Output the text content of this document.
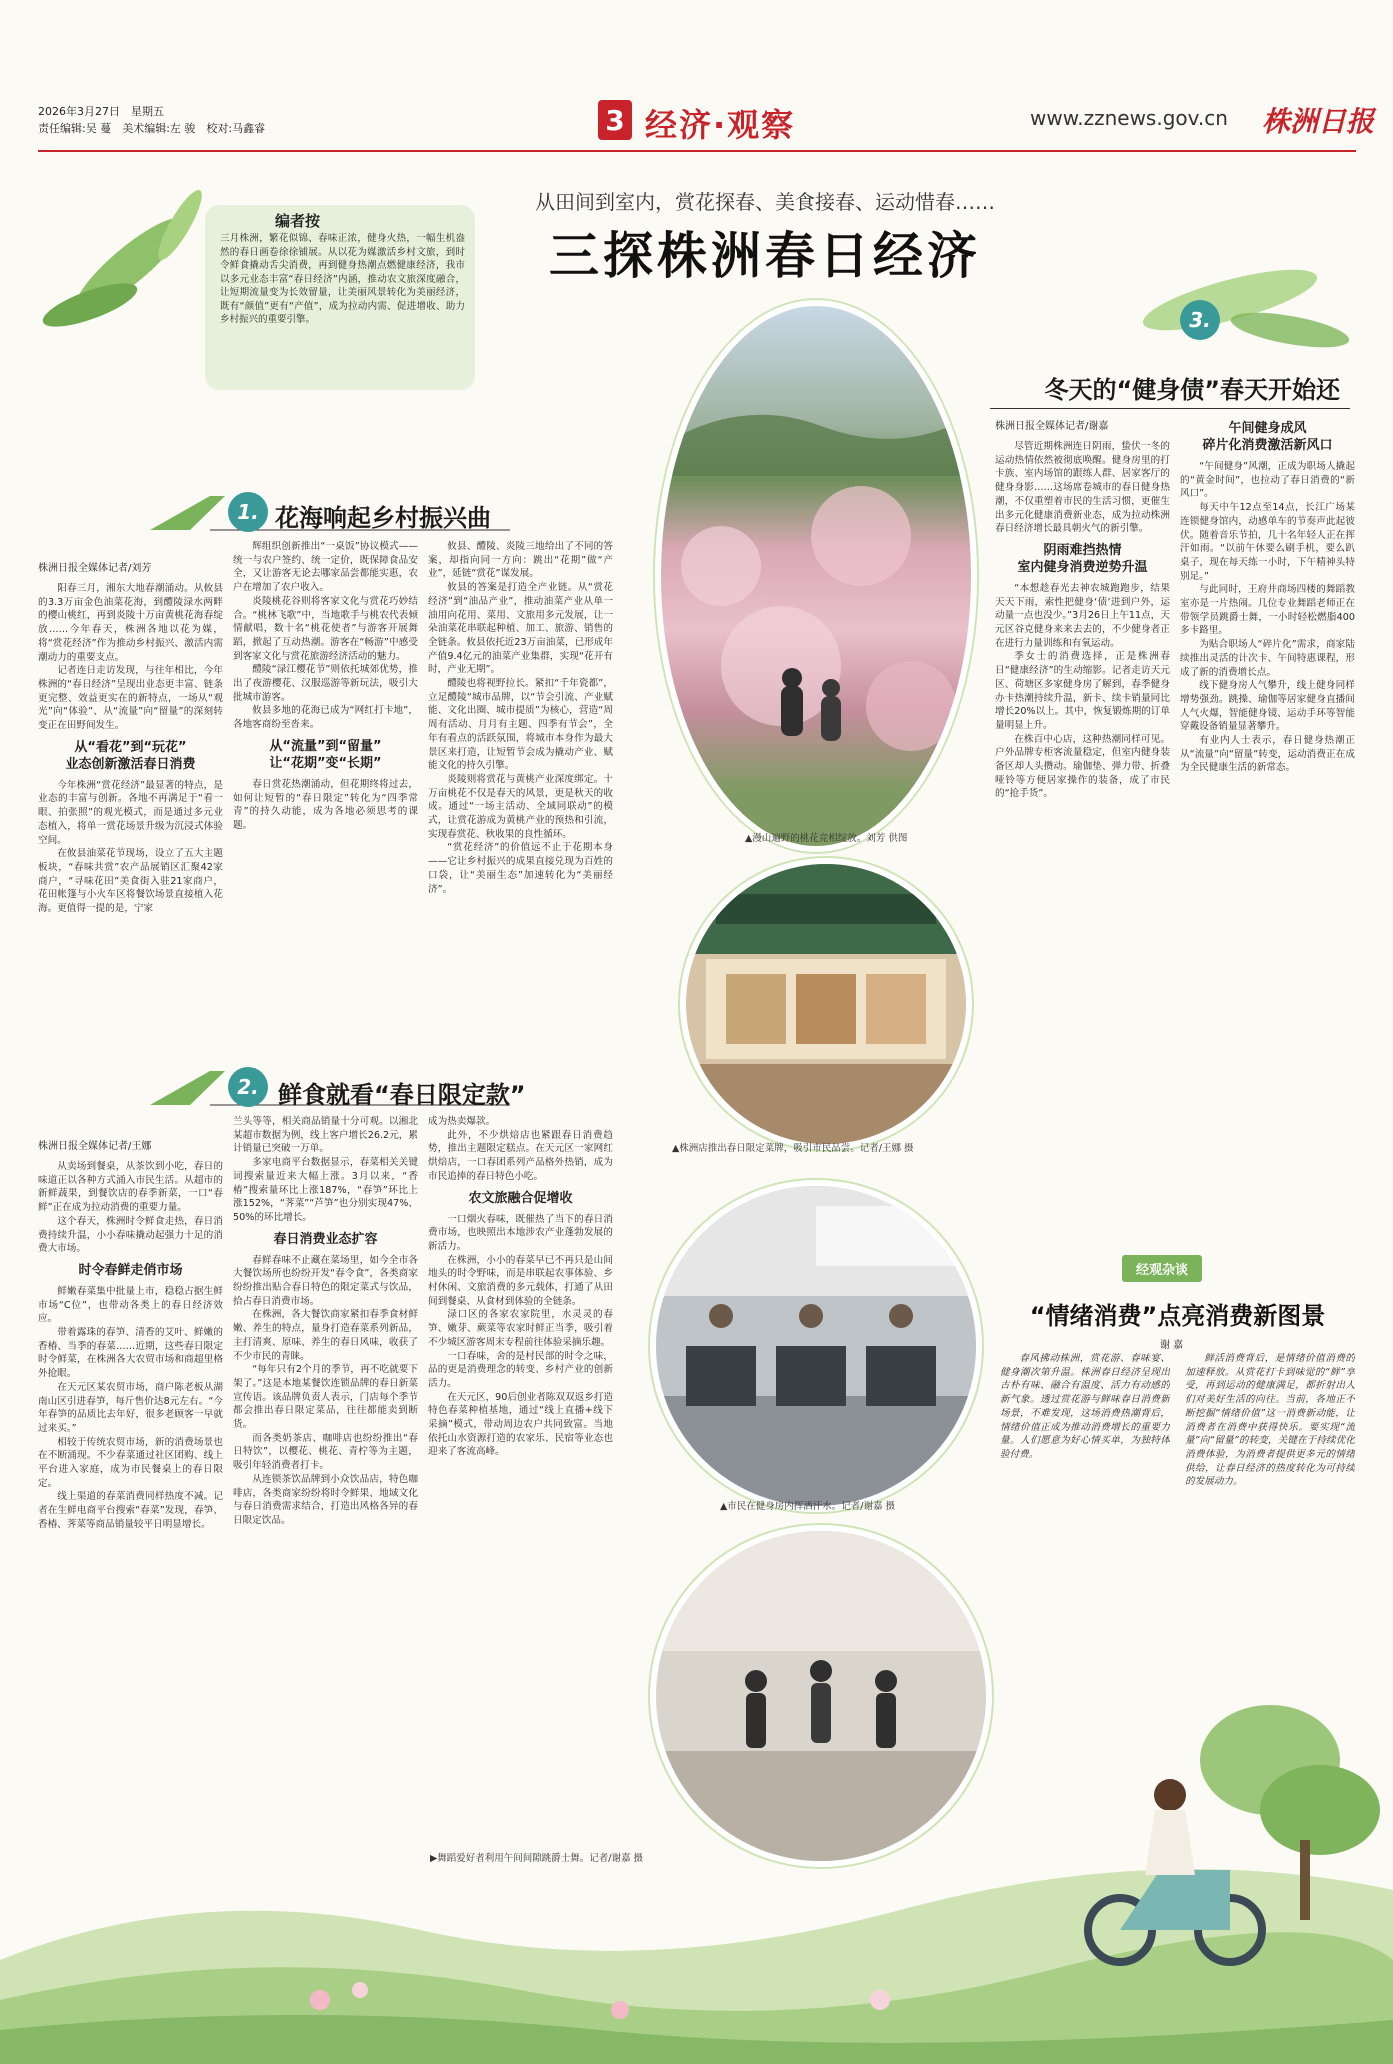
2026年3月27日　星期五
责任编辑:吴 蔓　美术编辑:左 骏　校对:马鑫睿	3 经济·观察	www.zznews.gov.cn 株洲日报
从田间到室内，赏花探春、美食接春、运动惜春……
三探株洲春日经济
编者按
三月株洲，繁花似锦、春味正浓，健身火热，一幅生机盎然的春日画卷徐徐铺展。从以花为媒激活乡村文旅，到时令鲜食撬动舌尖消费，再到健身热潮点燃健康经济，我市以多元业态丰富“春日经济”内涵，推动农文旅深度融合，让短期流量变为长效留量，让美丽风景转化为美丽经济，既有“颜值”更有“产值”，成为拉动内需、促进增收、助力乡村振兴的重要引擎。
1. 花海响起乡村振兴曲
株洲日报全媒体记者/刘芳
阳春三月，湘东大地春潮涌动。从攸县的3.3万亩金色油菜花海，到醴陵渌水两畔的樱山桃红，再到炎陵十万亩黄桃花海春绽放……今年春天，株洲各地以花为媒，将“赏花经济”作为推动乡村振兴、激活内需潮动力的重要支点。
记者连日走访发现，与往年相比，今年株洲的“春日经济”呈现出业态更丰富、链条更完整、效益更实在的新特点，一场从“观光”向“体验”、从“流量”向“留量”的深刻转变正在田野间发生。
从“看花”到“玩花”
业态创新激活春日消费
今年株洲“赏花经济”最显著的特点，是业态的丰富与创新。各地不再满足于“看一眼、拍张照”的观光模式，而是通过多元业态植入，将单一赏花场景升级为沉浸式体验空间。
在攸县油菜花节现场，设立了五大主题板块，“春味共赏”农产品展销区汇聚42家商户，“寻味花田”美食街入驻21家商户，花田帐篷与小火车区将餐饮场景直接植入花海。更值得一提的是，宁家
辉组织创新推出“一桌饭”协议模式——统一与农户签约、统一定价，既保障食品安全，又让游客无论去哪家品尝都能实惠，农户在增加了农户收入。
炎陵桃花谷则将客家文化与赏花巧妙结合。“桃林飞歌”中，当地歌手与桃农代表倾情献唱，数十名“桃花使者”与游客开展舞蹈，掀起了互动热潮。游客在“畅游”中感受到客家文化与赏花旅游经济活动的魅力。
醴陵“渌江樱花节”则依托城郊优势，推出了夜游樱花、汉服巡游等新玩法，吸引大批城市游客。
攸县多地的花海已成为“网红打卡地”，各地客商纷至沓来。
从“流量”到“留量”
让“花期”变“长期”
春日赏花热潮涌动，但花期终将过去，如何让短暂的“春日限定”转化为“四季常青”的持久动能，成为各地必须思考的课题。
攸县、醴陵、炎陵三地给出了不同的答案，却指向同一方向：跳出“花期”做“产业”，延链“赏花”谋发展。
攸县的答案是打造全产业链。从“赏花经济”到“油品产业”，推动油菜产业从单一油用向花用、菜用、文旅用多元发展，让一朵油菜花串联起种植、加工、旅游、销售的全链条。攸县依托近23万亩油菜，已形成年产值9.4亿元的油菜产业集群，实现“花开有时，产业无期”。
醴陵也将视野拉长。紧扣“千年瓷都”，立足醴陵“城市品牌，以“节会引流、产业赋能、文化出圈、城市提质”为核心，营造“周周有活动、月月有主题、四季有节会”，全年有看点的活跃氛围，将城市本身作为最大景区来打造，让短暂节会成为撬动产业、赋能文化的持久引擎。
炎陵则将赏花与黄桃产业深度绑定。十万亩桃花不仅是春天的风景，更是秋天的收成。通过“一场主活动、全域同联动”的模式，让赏花游成为黄桃产业的预热和引流，实现春赏花、秋收果的良性循环。
“赏花经济”的价值远不止于花期本身——它让乡村振兴的成果直接兑现为百姓的口袋，让“美丽生态”加速转化为“美丽经济”。
▲漫山遍野的桃花竞相绽放。刘芳 供图
▲株洲店推出春日限定菜牌，吸引市民品尝。记者/王娜 摄
2. 鲜食就看“春日限定款”
株洲日报全媒体记者/王娜
从卖场到餐桌，从茶饮到小吃，春日的味道正以各种方式涌入市民生活。从超市的新鲜蔬果，到餐饮店的春季新菜，一口“春鲜”正在成为拉动消费的重要力量。
这个春天，株洲时令鲜食走热，春日消费持续升温，小小春味撬动起强力十足的消费大市场。
时令春鲜走俏市场
鲜嫩春菜集中批量上市，稳稳占据生鲜市场“C位”，也带动各类上的春日经济效应。
带着露珠的春笋、清香的艾叶、鲜嫩的香椿、当季的春菜……近期，这些春日限定时令鲜菜，在株洲各大农贸市场和商超里格外抢眼。
在天元区某农贸市场，商户陈老板从湖南山区引进春笋，每斤售价达8元左右。“今年春笋的品质比去年好，很多老顾客一早就过来买。”
相较于传统农贸市场，新的消费场景也在不断涌现。不少春菜通过社区团购、线上平台进入家庭，成为市民餐桌上的春日限定。
线上渠道的春菜消费同样热度不减。记者在生鲜电商平台搜索“春菜”发现，春笋、香椿、荠菜等商品销量较平日明显增长。
兰头等等，相关商品销量十分可观。以湘北某超市数据为例，线上客户增长26.2元，累计销量已突破一万单。
多家电商平台数据显示，春菜相关关键词搜索量近来大幅上涨。3月以来，“香椿”搜索量环比上涨187%，“春笋”环比上涨152%，“荠菜”“芦笋”也分别实现47%、50%的环比增长。
春日消费业态扩容
春鲜春味不止藏在菜场里，如今全市各大餐饮场所也纷纷开发“春令食”，各类商家纷纷推出贴合春日特色的限定菜式与饮品，拾占春日消费市场。
在株洲，各大餐饮商家紧扣春季食材鲜嫩、养生的特点，量身打造春菜系列新品，主打清爽、原味、养生的春日风味，收获了不少市民的青睐。
“每年只有2个月的季节，再不吃就要下架了。”这是本地某餐饮连锁品牌的春日新菜宣传语。该品牌负责人表示，门店每个季节都会推出春日限定菜品，往往都能卖到断货。
而各类奶茶店、咖啡店也纷纷推出“春日特饮”，以樱花、桃花、青柠等为主题，吸引年轻消费者打卡。
从连锁茶饮品牌到小众饮品店，特色咖啡店，各类商家纷纷将时令鲜果、地域文化与春日消费需求结合，打造出风格各异的春日限定饮品。
成为热卖爆款。
此外，不少烘焙店也紧跟春日消费趋势，推出主题限定糕点。在天元区一家网红烘焙店，一口春团系列产品格外热销，成为市民追捧的春日特色小吃。
农文旅融合促增收
一口烟火春味，既催热了当下的春日消费市场，也映照出本地涉农产业蓬勃发展的新活力。
在株洲，小小的春菜早已不再只是山间地头的时令野味，而是串联起农事体验、乡村休闲、文旅消费的多元载体，打通了从田间到餐桌、从食材到体验的全链条。
渌口区的各家农家院里，水灵灵的春笋、嫩芽、蕨菜等农家时鲜正当季，吸引着不少城区游客周末专程前往体验采摘乐趣。
一口春味，舍的是村民部的时令之味，品的更是消费理念的转变、乡村产业的创新活力。
在天元区，90后创业者陈双双返乡打造特色春菜种植基地，通过“线上直播+线下采摘”模式，带动周边农户共同致富。当地依托山水资源打造的农家乐、民宿等业态也迎来了客流高峰。
▲市民在健身房内挥洒汗水。记者/谢嘉 摄
▶舞蹈爱好者利用午间间隙跳爵士舞。记者/谢嘉 摄
3.
冬天的“健身债”春天开始还
株洲日报全媒体记者/谢嘉
尽管近期株洲连日阴雨，蛰伏一冬的运动热情依然被彻底唤醒。健身房里的打卡族、室内场馆的跟练人群、居家客厅的健身身影……这场席卷城市的春日健身热潮，不仅重塑着市民的生活习惯，更催生出多元化健康消费新业态，成为拉动株洲春日经济增长最具朝火气的新引擎。
阴雨难挡热情
室内健身消费逆势升温
“本想趁春光去神农城跑跑步，结果天天下雨，索性把健身‘债’进到户外，运动量一点也没少。”3月26日上午11点，天元区谷克健身来来去去的，不少健身者正在进行力量训练和有氧运动。
季女士的消费选择，正是株洲春日“健康经济”的生动缩影。记者走访天元区、荷塘区多家健身房了解到，春季健身办卡热潮持续升温，新卡、续卡销量同比增长20%以上。其中，恢复锻炼期的订单量明显上升。
在株百中心店，这种热潮同样可见。户外品牌专柜客流量稳定，但室内健身装备区却人头攒动。瑜伽垫、弹力带、折叠哑铃等方便居家操作的装备，成了市民的“抢手货”。
午间健身成风
碎片化消费激活新风口
“午间健身”风潮，正成为职场人撬起的“黄金时间”，也拉动了春日消费的“新风口”。
每天中午12点至14点，长江广场某连锁健身馆内，动感单车的节奏声此起彼伏。随着音乐节拍，几十名年轻人正在挥汗如雨。“以前午休要么刷手机，要么趴桌子，现在每天练一小时，下午精神头特别足。”
与此同时，王府井商场四楼的舞蹈教室亦是一片热闹。几位专业舞蹈老师正在带领学员跳爵士舞，一小时轻松燃脂400多卡路里。
为贴合职场人“碎片化”需求，商家陆续推出灵活的计次卡、午间特惠课程，形成了新的消费增长点。
线下健身房人气攀升，线上健身同样增势强劲。跳操、瑜伽等居家健身直播间人气火爆，智能健身镜、运动手环等智能穿戴设备销量显著攀升。
有业内人士表示，春日健身热潮正从“流量”向“留量”转变，运动消费正在成为全民健康生活的新常态。
经观杂谈
“情绪消费”点亮消费新图景
谢 嘉
春风拂动株洲，赏花游、春味宴、健身潮次第升温。株洲春日经济呈现出古朴有味、融合有温度、活力有动感的新气象。透过赏花游与鲜味春日消费新场景，不难发现，这场消费热潮背后，情绪价值正成为推动消费增长的重要力量。人们愿意为好心情买单，为独特体验付费。
鲜活消费背后，是情绪价值消费的加速释放。从赏花打卡到味觉的“鲜”享受，再到运动的健康满足，都折射出人们对美好生活的向往。当前，各地正不断挖掘“情绪价值”这一消费新动能，让消费者在消费中获得快乐。要实现“流量”向“留量”的转变，关键在于持续优化消费体验，为消费者提供更多元的情绪供给，让春日经济的热度转化为可持续的发展动力。
